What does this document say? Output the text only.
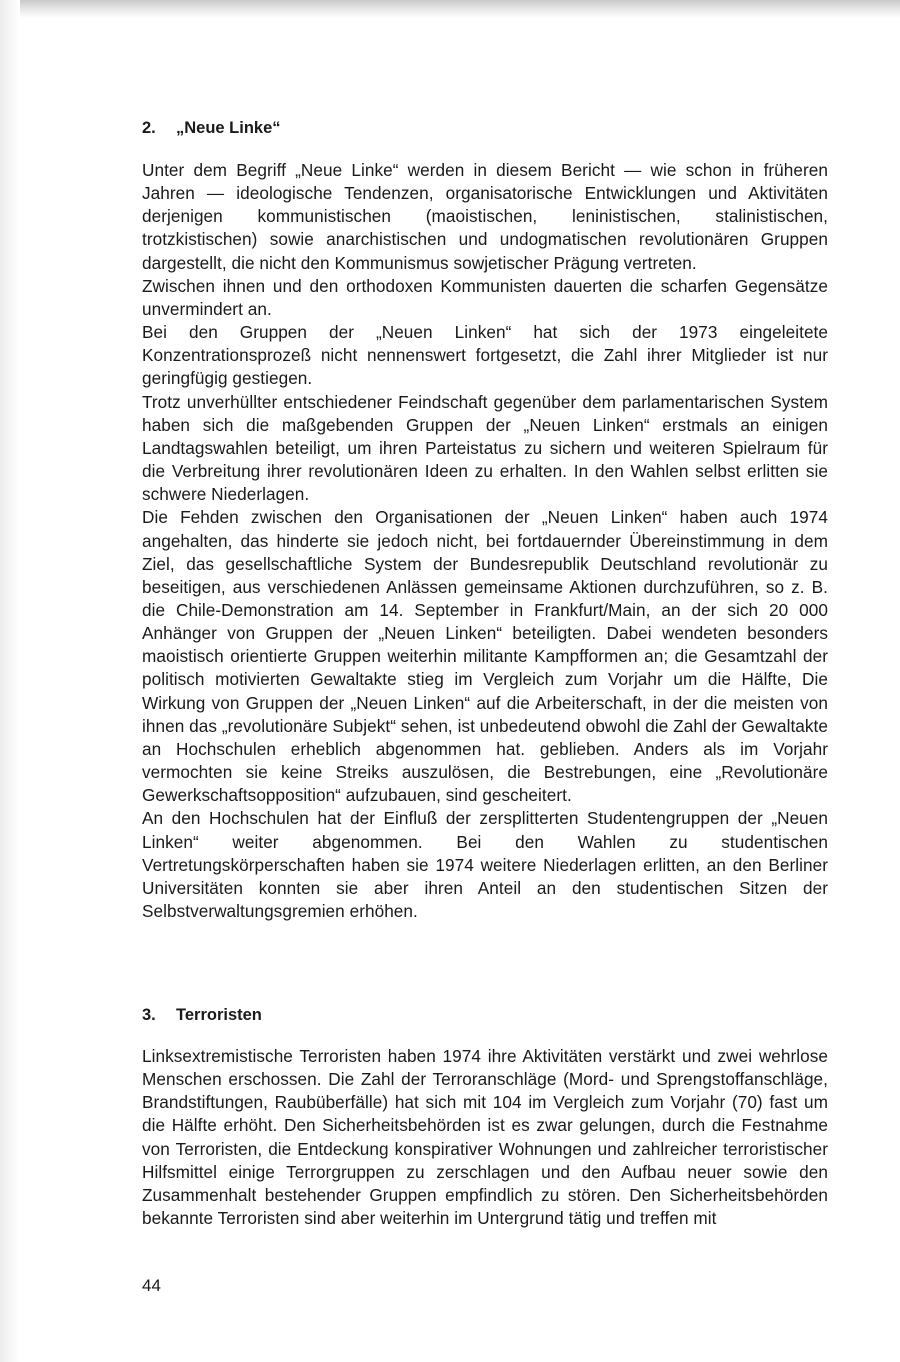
2. „Neue Linke“

Unter dem Begriff „Neue Linke“ werden in diesem Bericht — wie schon in früheren Jahren — ideologische Tendenzen, organisatorische Entwicklungen und Aktivitäten derjenigen kommunistischen (maoistischen, leninistischen, stalinistischen, trotzkistischen) sowie anarchistischen und undogmatischen revolutionären Gruppen dargestellt, die nicht den Kommunismus sowjetischer Prägung vertreten.

Zwischen ihnen und den orthodoxen Kommunisten dauerten die scharfen Gegensätze unvermindert an.

Bei den Gruppen der „Neuen Linken“ hat sich der 1973 eingeleitete Konzentrationsprozeß nicht nennenswert fortgesetzt, die Zahl ihrer Mitglieder ist nur geringfügig gestiegen.

Trotz unverhüllter entschiedener Feindschaft gegenüber dem parlamentarischen System haben sich die maßgebenden Gruppen der „Neuen Linken“ erstmals an einigen Landtagswahlen beteiligt, um ihren Parteistatus zu sichern und weiteren Spielraum für die Verbreitung ihrer revolutionären Ideen zu erhalten. In den Wahlen selbst erlitten sie schwere Niederlagen.

Die Fehden zwischen den Organisationen der „Neuen Linken“ haben auch 1974 angehalten, das hinderte sie jedoch nicht, bei fortdauernder Übereinstimmung in dem Ziel, das gesellschaftliche System der Bundesrepublik Deutschland revolutionär zu beseitigen, aus verschiedenen Anlässen gemeinsame Aktionen durchzuführen, so z. B. die Chile-Demonstration am 14. September in Frankfurt/Main, an der sich 20 000 Anhänger von Gruppen der „Neuen Linken“ beteiligten. Dabei wendeten besonders maoistisch orientierte Gruppen weiterhin militante Kampfformen an; die Gesamtzahl der politisch motivierten Gewaltakte stieg im Vergleich zum Vorjahr um die Hälfte, Die Wirkung von Gruppen der „Neuen Linken“ auf die Arbeiterschaft, in der die meisten von ihnen das „revolutionäre Subjekt“ sehen, ist unbedeutend obwohl die Zahl der Gewaltakte an Hochschulen erheblich abgenommen hat. geblieben. Anders als im Vorjahr vermochten sie keine Streiks auszulösen, die Bestrebungen, eine „Revolutionäre Gewerkschaftsopposition“ aufzubauen, sind gescheitert.

An den Hochschulen hat der Einfluß der zersplitterten Studentengruppen der „Neuen Linken“ weiter abgenommen. Bei den Wahlen zu studentischen Vertretungskörperschaften haben sie 1974 weitere Niederlagen erlitten, an den Berliner Universitäten konnten sie aber ihren Anteil an den studentischen Sitzen der Selbstverwaltungsgremien erhöhen.

3. Terroristen

Linksextremistische Terroristen haben 1974 ihre Aktivitäten verstärkt und zwei wehrlose Menschen erschossen. Die Zahl der Terroranschläge (Mord- und Sprengstoffanschläge, Brandstiftungen, Raubüberfälle) hat sich mit 104 im Vergleich zum Vorjahr (70) fast um die Hälfte erhöht. Den Sicherheitsbehörden ist es zwar gelungen, durch die Festnahme von Terroristen, die Entdeckung konspirativer Wohnungen und zahlreicher terroristischer Hilfsmittel einige Terrorgruppen zu zerschlagen und den Aufbau neuer sowie den Zusammenhalt bestehender Gruppen empfindlich zu stören. Den Sicherheitsbehörden bekannte Terroristen sind aber weiterhin im Untergrund tätig und treffen mit

44
